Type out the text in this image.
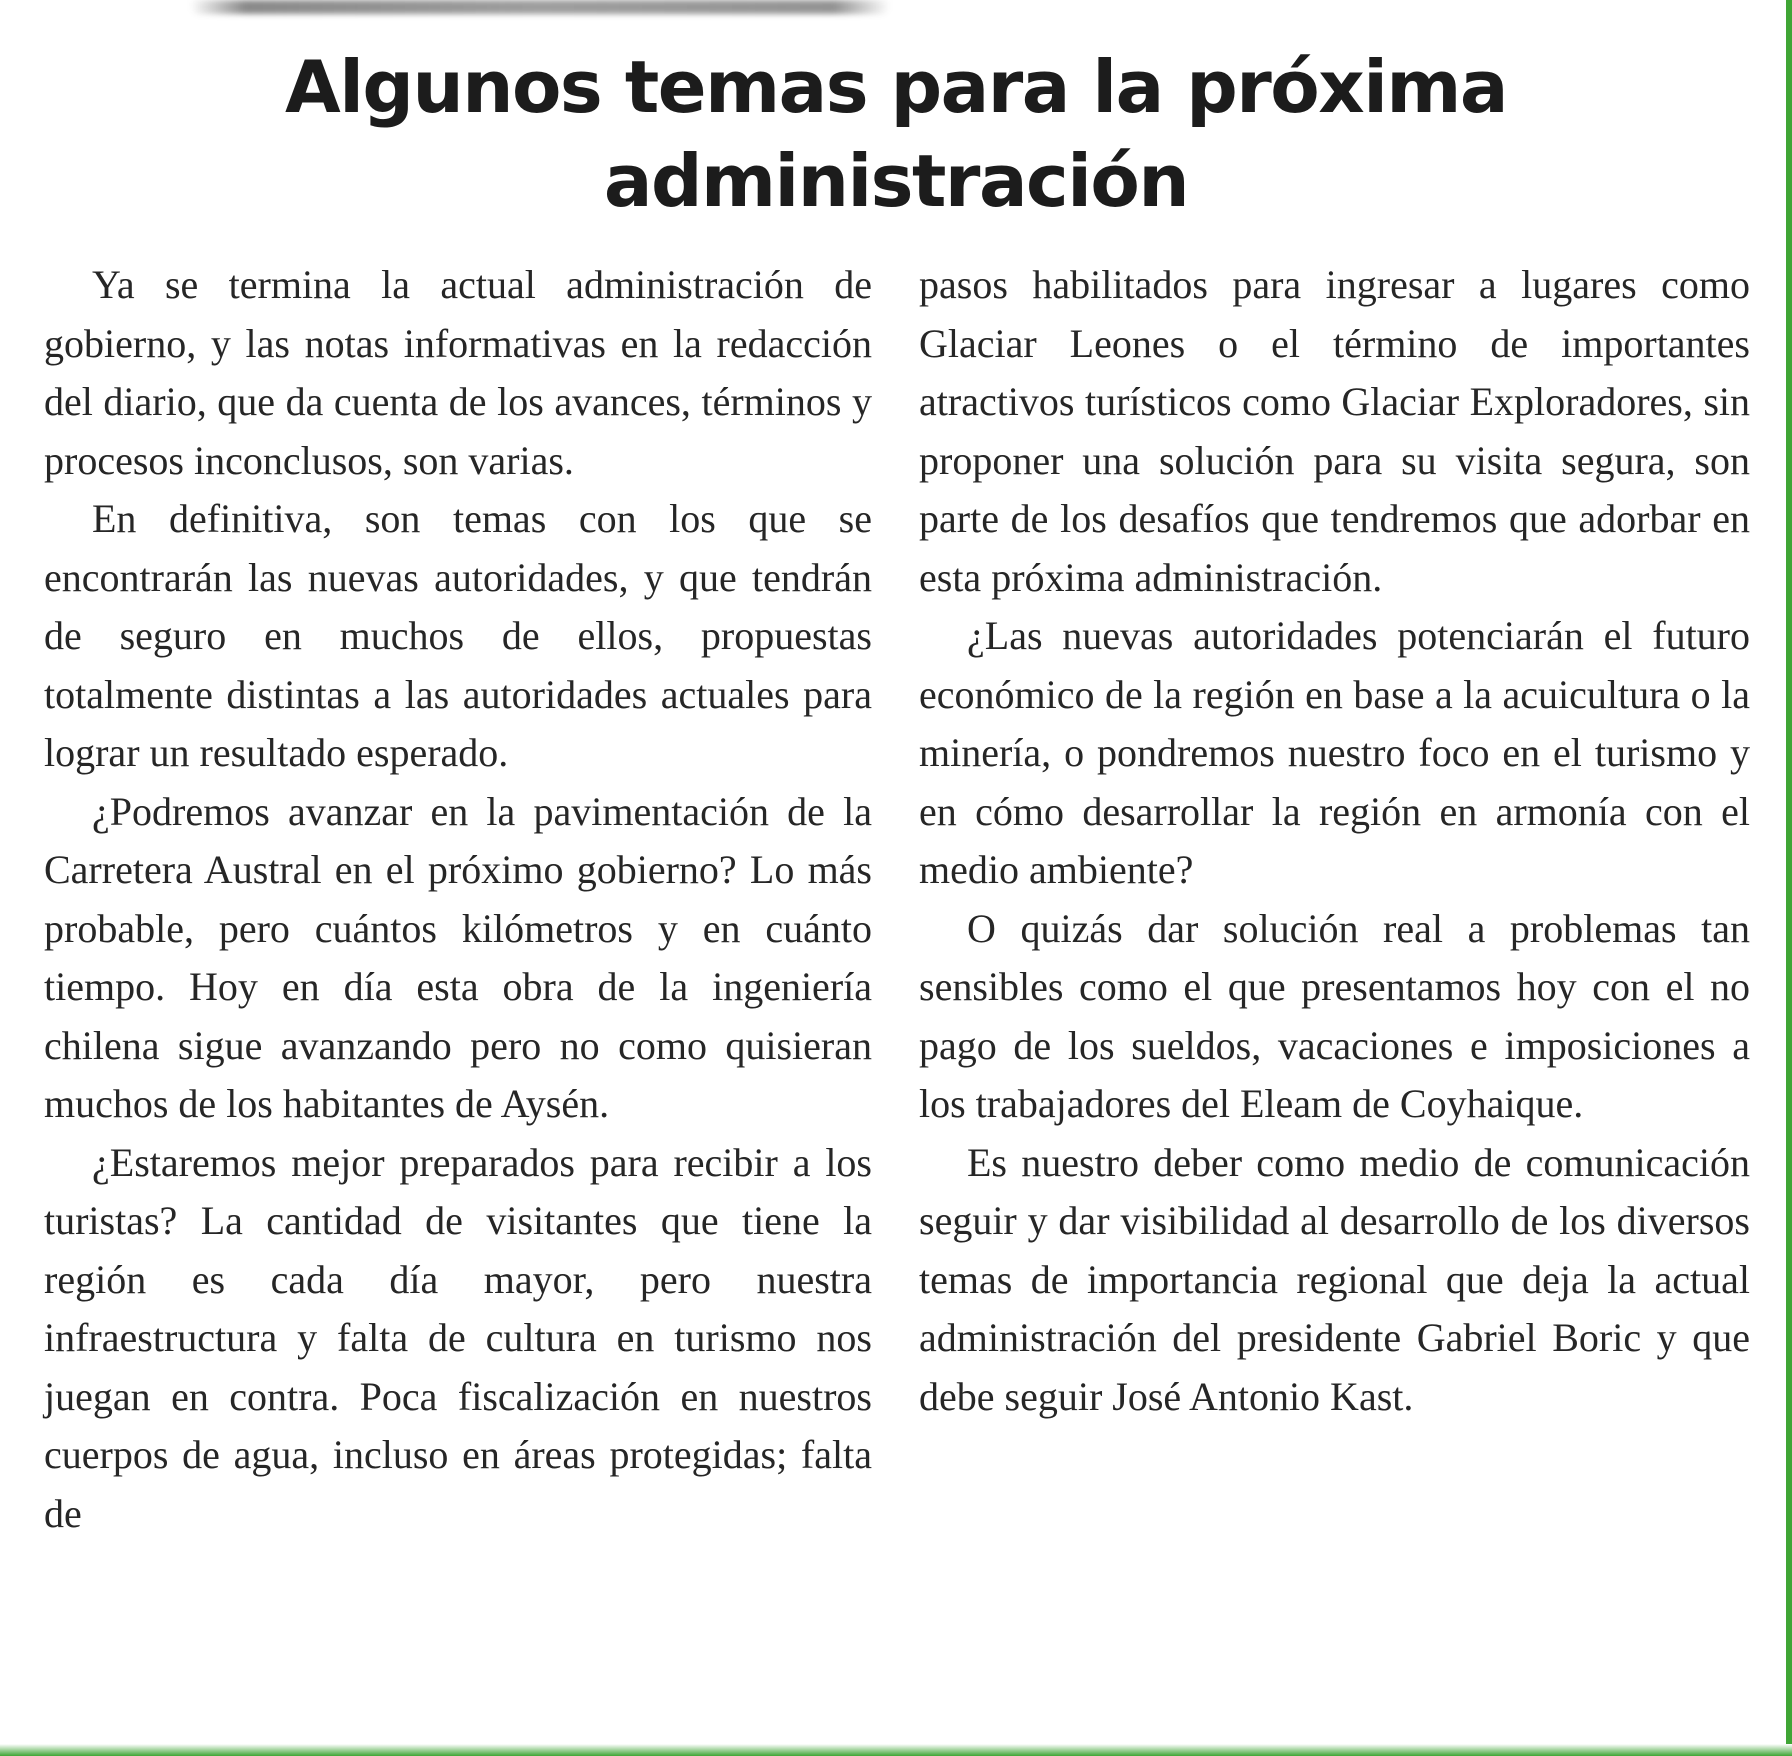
Algunos temas para la próxima administración

Ya se termina la actual administración de gobierno, y las notas informativas en la redacción del diario, que da cuenta de los avances, términos y procesos inconclusos, son varias.

En definitiva, son temas con los que se encontrarán las nuevas autoridades, y que tendrán de seguro en muchos de ellos, propuestas totalmente distintas a las autoridades actuales para lograr un resultado esperado.

¿Podremos avanzar en la pavimentación de la Carretera Austral en el próximo gobierno? Lo más probable, pero cuántos kilómetros y en cuánto tiempo. Hoy en día esta obra de la ingeniería chilena sigue avanzando pero no como quisieran muchos de los habitantes de Aysén.

¿Estaremos mejor preparados para recibir a los turistas? La cantidad de visitantes que tiene la región es cada día mayor, pero nuestra infraestructura y falta de cultura en turismo nos juegan en contra. Poca fiscalización en nuestros cuerpos de agua, incluso en áreas protegidas; falta de

pasos habilitados para ingresar a lugares como Glaciar Leones o el término de importantes atractivos turísticos como Glaciar Exploradores, sin proponer una solución para su visita segura, son parte de los desafíos que tendremos que adorbar en esta próxima administración.

¿Las nuevas autoridades potenciarán el futuro económico de la región en base a la acuicultura o la minería, o pondremos nuestro foco en el turismo y en cómo desarrollar la región en armonía con el medio ambiente?

O quizás dar solución real a problemas tan sensibles como el que presentamos hoy con el no pago de los sueldos, vacaciones e imposiciones a los trabajadores del Eleam de Coyhaique.

Es nuestro deber como medio de comunicación seguir y dar visibilidad al desarrollo de los diversos temas de importancia regional que deja la actual administración del presidente Gabriel Boric y que debe seguir José Antonio Kast.
